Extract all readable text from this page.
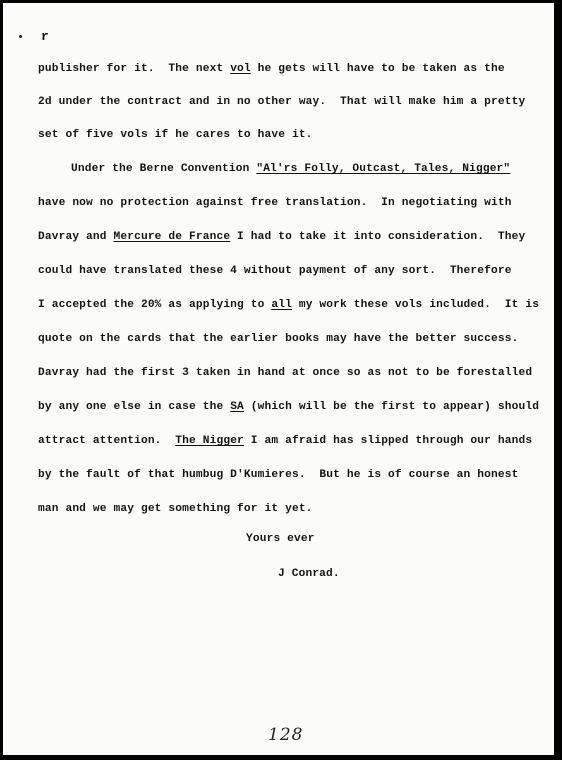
r
publisher for it.  The next vol he gets will have to be taken as the
2d under the contract and in no other way.  That will make him a pretty
set of five vols if he cares to have it.
Under the Berne Convention "Al'rs Folly, Outcast, Tales, Nigger"
have now no protection against free translation.  In negotiating with
Davray and Mercure de France I had to take it into consideration.  They
could have translated these 4 without payment of any sort.  Therefore
I accepted the 20% as applying to all my work these vols included.  It is
quote on the cards that the earlier books may have the better success.
Davray had the first 3 taken in hand at once so as not to be forestalled
by any one else in case the SA (which will be the first to appear) should
attract attention.  The Nigger I am afraid has slipped through our hands
by the fault of that humbug D'Kumieres.  But he is of course an honest
man and we may get something for it yet.
Yours ever
J Conrad.
128
